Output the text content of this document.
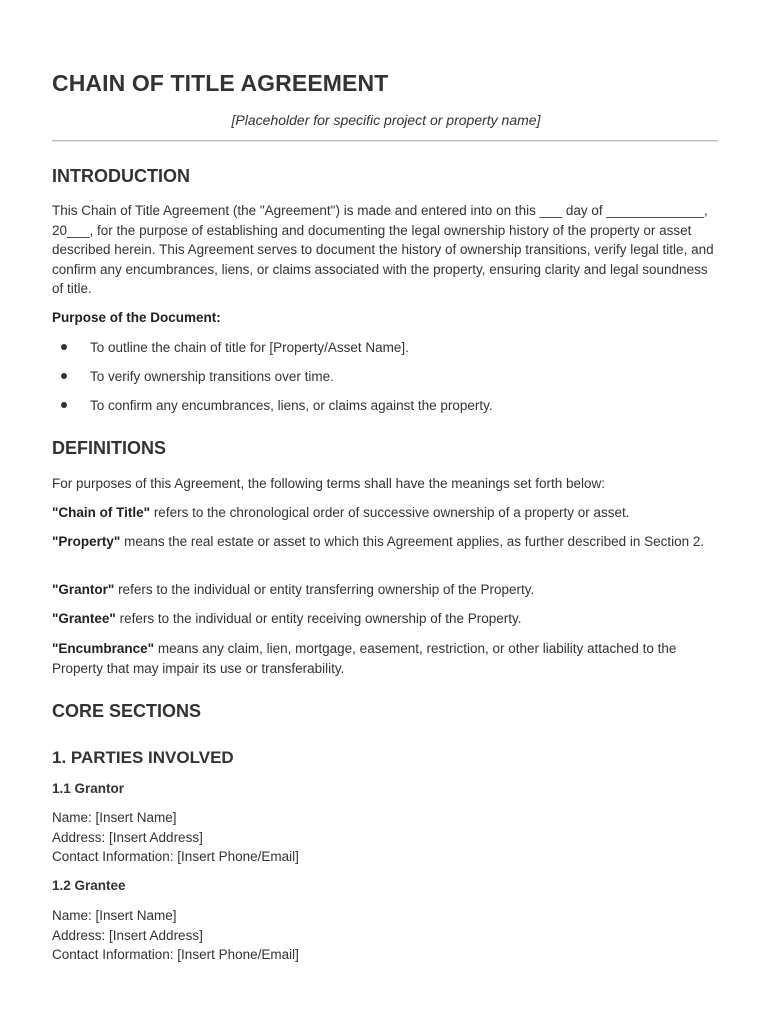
CHAIN OF TITLE AGREEMENT

[Placeholder for specific project or property name]

INTRODUCTION

This Chain of Title Agreement (the "Agreement") is made and entered into on this ___ day of _____________, 20___, for the purpose of establishing and documenting the legal ownership history of the property or asset described herein. This Agreement serves to document the history of ownership transitions, verify legal title, and confirm any encumbrances, liens, or claims associated with the property, ensuring clarity and legal soundness of title.

Purpose of the Document:

To outline the chain of title for [Property/Asset Name].
To verify ownership transitions over time.
To confirm any encumbrances, liens, or claims against the property.
DEFINITIONS

For purposes of this Agreement, the following terms shall have the meanings set forth below:

"Chain of Title" refers to the chronological order of successive ownership of a property or asset.

"Property" means the real estate or asset to which this Agreement applies, as further described in Section 2.

"Grantor" refers to the individual or entity transferring ownership of the Property.

"Grantee" refers to the individual or entity receiving ownership of the Property.

"Encumbrance" means any claim, lien, mortgage, easement, restriction, or other liability attached to the Property that may impair its use or transferability.

CORE SECTIONS
1. PARTIES INVOLVED
1.1 Grantor

Name: [Insert Name]
Address: [Insert Address]
Contact Information: [Insert Phone/Email]

1.2 Grantee

Name: [Insert Name]
Address: [Insert Address]
Contact Information: [Insert Phone/Email]
